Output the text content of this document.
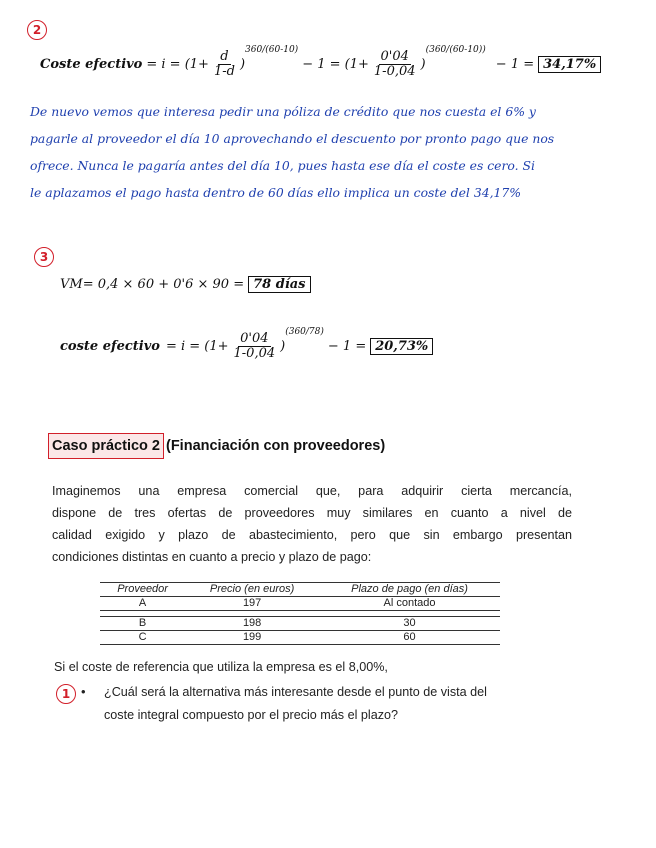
2
Coste efectivo = $i = (1+ \frac{d}{1-d}$ )
360/(60-10)
− $1 = (1+ \frac{0'04}{1-0,04}$ )
(360/(60-10))
− 1 = 34,17%
De nuevo vemos que interesa pedir una póliza de crédito que nos cuesta el 6% y
pagarle al proveedor el día 10 aprovechando el descuento por pronto pago que nos
ofrece. Nunca le pagaría antes del día 10, pues hasta ese día el coste es cero. Si
le aplazamos el pago hasta dentro de 60 días ello implica un coste del 34,17%
3
VM= 0,4 × 60 + 0'6 × 90 = 78 días
coste efectivo = $i = (1+ \frac{0'04}{1-0,04}$ )
(360/78)
− 1 = 20,73%
Caso práctico 2 (Financiación con proveedores)
Imaginemos una empresa comercial que, para adquirir cierta mercancía,
dispone de tres ofertas de proveedores muy similares en cuanto a nivel de
calidad exigido y plazo de abastecimiento, pero que sin embargo presentan
condiciones distintas en cuanto a precio y plazo de pago:
Proveedor	Precio (en euros)	Plazo de pago (en días)
A	197	Al contado

B	198	30
C	199	60
Si el coste de referencia que utiliza la empresa es el 8,00%,
1 • ¿Cuál será la alternativa más interesante desde el punto de vista del
coste integral compuesto por el precio más el plazo?
